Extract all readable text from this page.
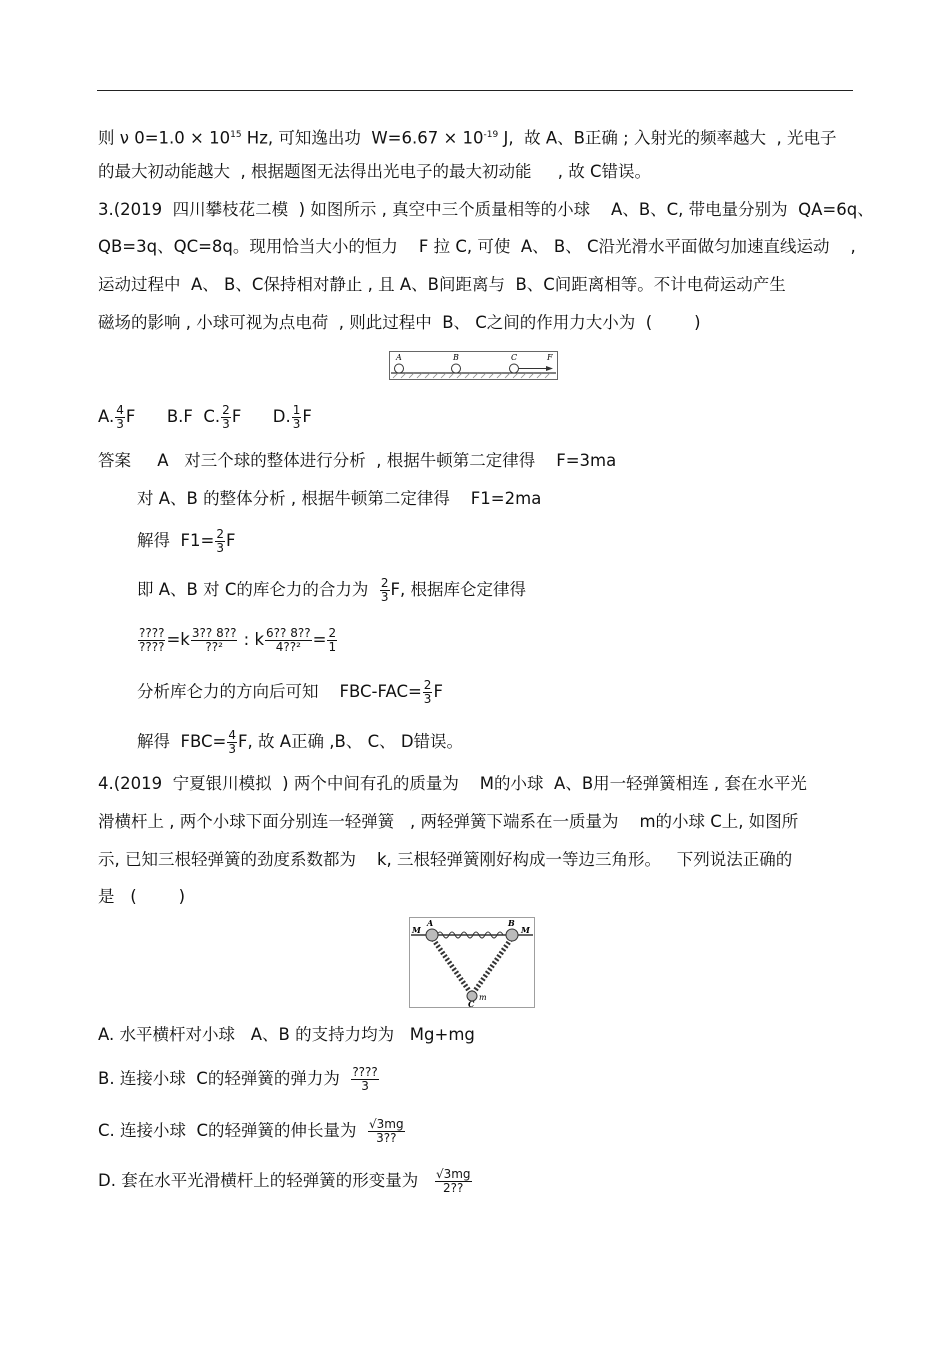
则 ν $0=1.0 \times 10^{15}$ Hz, 可知逸出功  $W=6.67 \times 10^{-19}$ J,  故 A、B正确 ; 入射光的频率越大  , 光电子
的最大初动能越大  , 根据题图无法得出光电子的最大初动能     , 故 C错误。
3.(2019  四川攀枝花二模  ) 如图所示 , 真空中三个质量相等的小球    A、B、C, 带电量分别为  QA=6q、
QB=3q、QC=8q。现用恰当大小的恒力    F 拉 C, 可使  A、 B、 C沿光滑水平面做匀加速直线运动    ,
运动过程中  A、 B、C保持相对静止 , 且 A、B间距离与  B、C间距离相等。不计电荷运动产生
磁场的影响 , 小球可视为点电荷  , 则此过程中  B、 C之间的作用力大小为  (        )
A	B	C	F
A. $\frac{4}{3}$ F      B.F  C. $\frac{2}{3}$ F      D. $\frac{1}{3}$ F
答案     A   对三个球的整体进行分析  , 根据牛顿第二定律得    F=3ma
对 A、B 的整体分析 , 根据牛顿第二定律得    F1=2ma
解得  $F1= \frac{2}{3}$ F
即 A、B 对 C的库仑力的合力为 $\frac{2}{3} F$, 根据库仑定律得
????
???? =k 3?? 8??
??² : k $\frac{6?? 8??}{\text{4??²}} = \frac{2}{1}$
分析库仑力的方向后可知    $FBC-FAC= \frac{2}{3}$ F
解得  $FBC= \frac{4}{3} F$, 故 A正确 ,B、 C、 D错误。
4.(2019  宁夏银川模拟  ) 两个中间有孔的质量为    M的小球  A、B用一轻弹簧相连 , 套在水平光
滑横杆上 , 两个小球下面分别连一轻弹簧   , 两轻弹簧下端系在一质量为    m的小球 C上, 如图所
示, 已知三根轻弹簧的劲度系数都为    k, 三根轻弹簧刚好构成一等边三角形。   下列说法正确的
是   (        )
A	B
M	M
C
m
A. 水平横杆对小球   A、B 的支持力均为   Mg+mg
B. 连接小球  C的轻弹簧的弹力为 ????
3
C. 连接小球  C的轻弹簧的伸长量为 $\frac{√3mg}{3??}$
D. 套在水平光滑横杆上的轻弹簧的形变量为 $\frac{√3mg}{2??}$
